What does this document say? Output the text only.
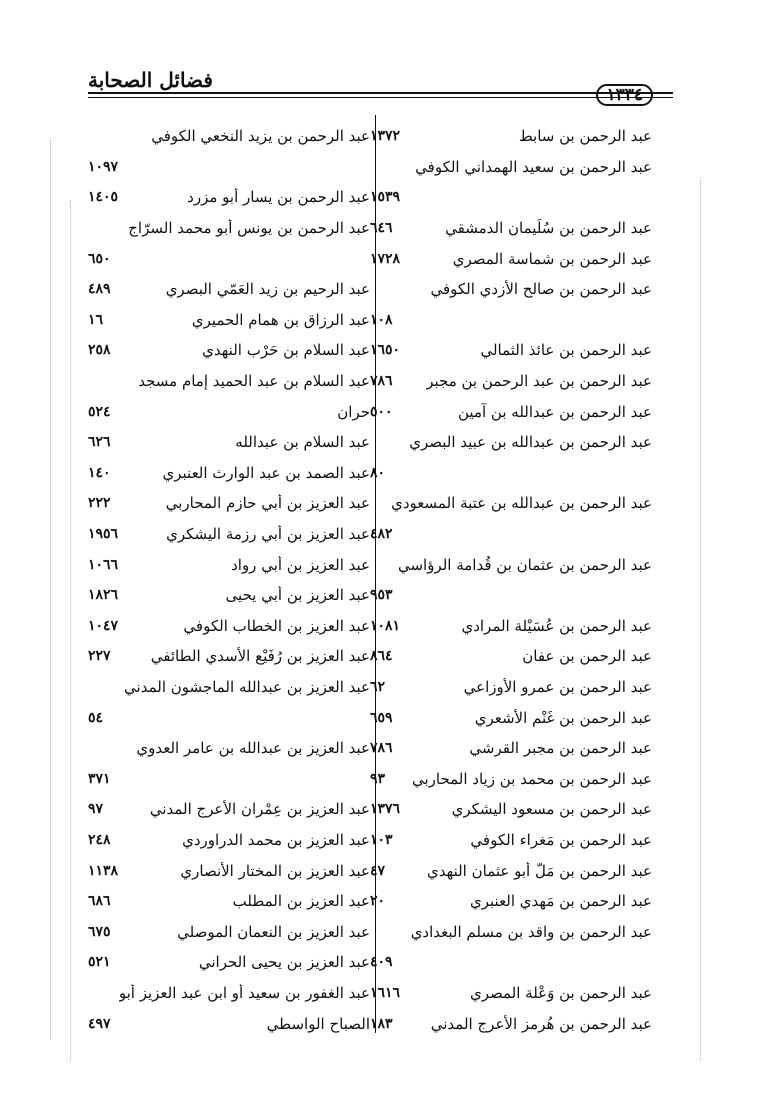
فضائل الصحابة
١٣٣٤
عبد الرحمن بن سابط
١٣٧٢
عبد الرحمن بن سعيد الهمداني الكوفي
١٥٣٩
عبد الرحمن بن سُلَيمان الدمشقي
٦٤٦
عبد الرحمن بن شماسة المصري
١٧٢٨
عبد الرحمن بن صالح الأزدي الكوفي
١٠٨
عبد الرحمن بن عائذ الثمالي
١٦٥٠
عبد الرحمن بن عبد الرحمن بن مجبر
٧٨٦
عبد الرحمن بن عبدالله بن آمين
٥٠٠
عبد الرحمن بن عبدالله بن عبيد البصري
٨٠
عبد الرحمن بن عبدالله بن عتبة المسعودي
٤٨٢
عبد الرحمن بن عثمان بن قُدامة الرؤاسي
٩٥٣
عبد الرحمن بن عُسَيْلة المرادي
١٠٨١
عبد الرحمن بن عفان
٨٦٤
عبد الرحمن بن عمرو الأوزاعي
٦٢
عبد الرحمن بن غَنْم الأشعري
٦٥٩
عبد الرحمن بن مجبر القرشي
٧٨٦
عبد الرحمن بن محمد بن زياد المحاربي
٩٣
عبد الرحمن بن مسعود اليشكري
١٣٧٦
عبد الرحمن بن مَغراء الكوفي
١٠٣
عبد الرحمن بن مَلّ أبو عثمان النهدي
٤٧
عبد الرحمن بن مَهدي العنبري
٢٠
عبد الرحمن بن واقد بن مسلم البغدادي
٤٠٩
عبد الرحمن بن وَعْلة المصري
١٦١٦
عبد الرحمن بن هُرمز الأعرج المدني
١٨٣
عبد الرحمن بن يزيد النخعي الكوفي
١٠٩٧
عبد الرحمن بن يسار أبو مزرد
١٤٠٥
عبد الرحمن بن يونس أبو محمد السرّاج
٦٥٠
عبد الرحيم بن زيد العَمّي البصري
٤٨٩
عبد الرزاق بن همام الحميري
١٦
عبد السلام بن حَرْب النهدي
٢٥٨
عبد السلام بن عبد الحميد إمام مسجد
حران
٥٢٤
عبد السلام بن عبدالله
٦٢٦
عبد الصمد بن عبد الوارث العنبري
١٤٠
عبد العزيز بن أبي حازم المحاربي
٢٢٢
عبد العزيز بن أبي رِزمة اليشكري
١٩٥٦
عبد العزيز بن أبي رواد
١٠٦٦
عبد العزيز بن أبي يحيى
١٨٢٦
عبد العزيز بن الخطاب الكوفي
١٠٤٧
عبد العزيز بن رُفَيْع الأسدي الطائفي
٢٢٧
عبد العزيز بن عبدالله الماجشون المدني
٥٤
عبد العزيز بن عبدالله بن عامر العدوي
٣٧١
عبد العزيز بن عِمْران الأعرج المدني
٩٧
عبد العزيز بن محمد الدراوردي
٢٤٨
عبد العزيز بن المختار الأنصاري
١١٣٨
عبد العزيز بن المطلب
٦٨٦
عبد العزيز بن النعمان الموصلي
٦٧٥
عبد العزيز بن يحيى الحراني
٥٢١
عبد الغفور بن سعيد أو ابن عبد العزيز أبو
الصباح الواسطي
٤٩٧
